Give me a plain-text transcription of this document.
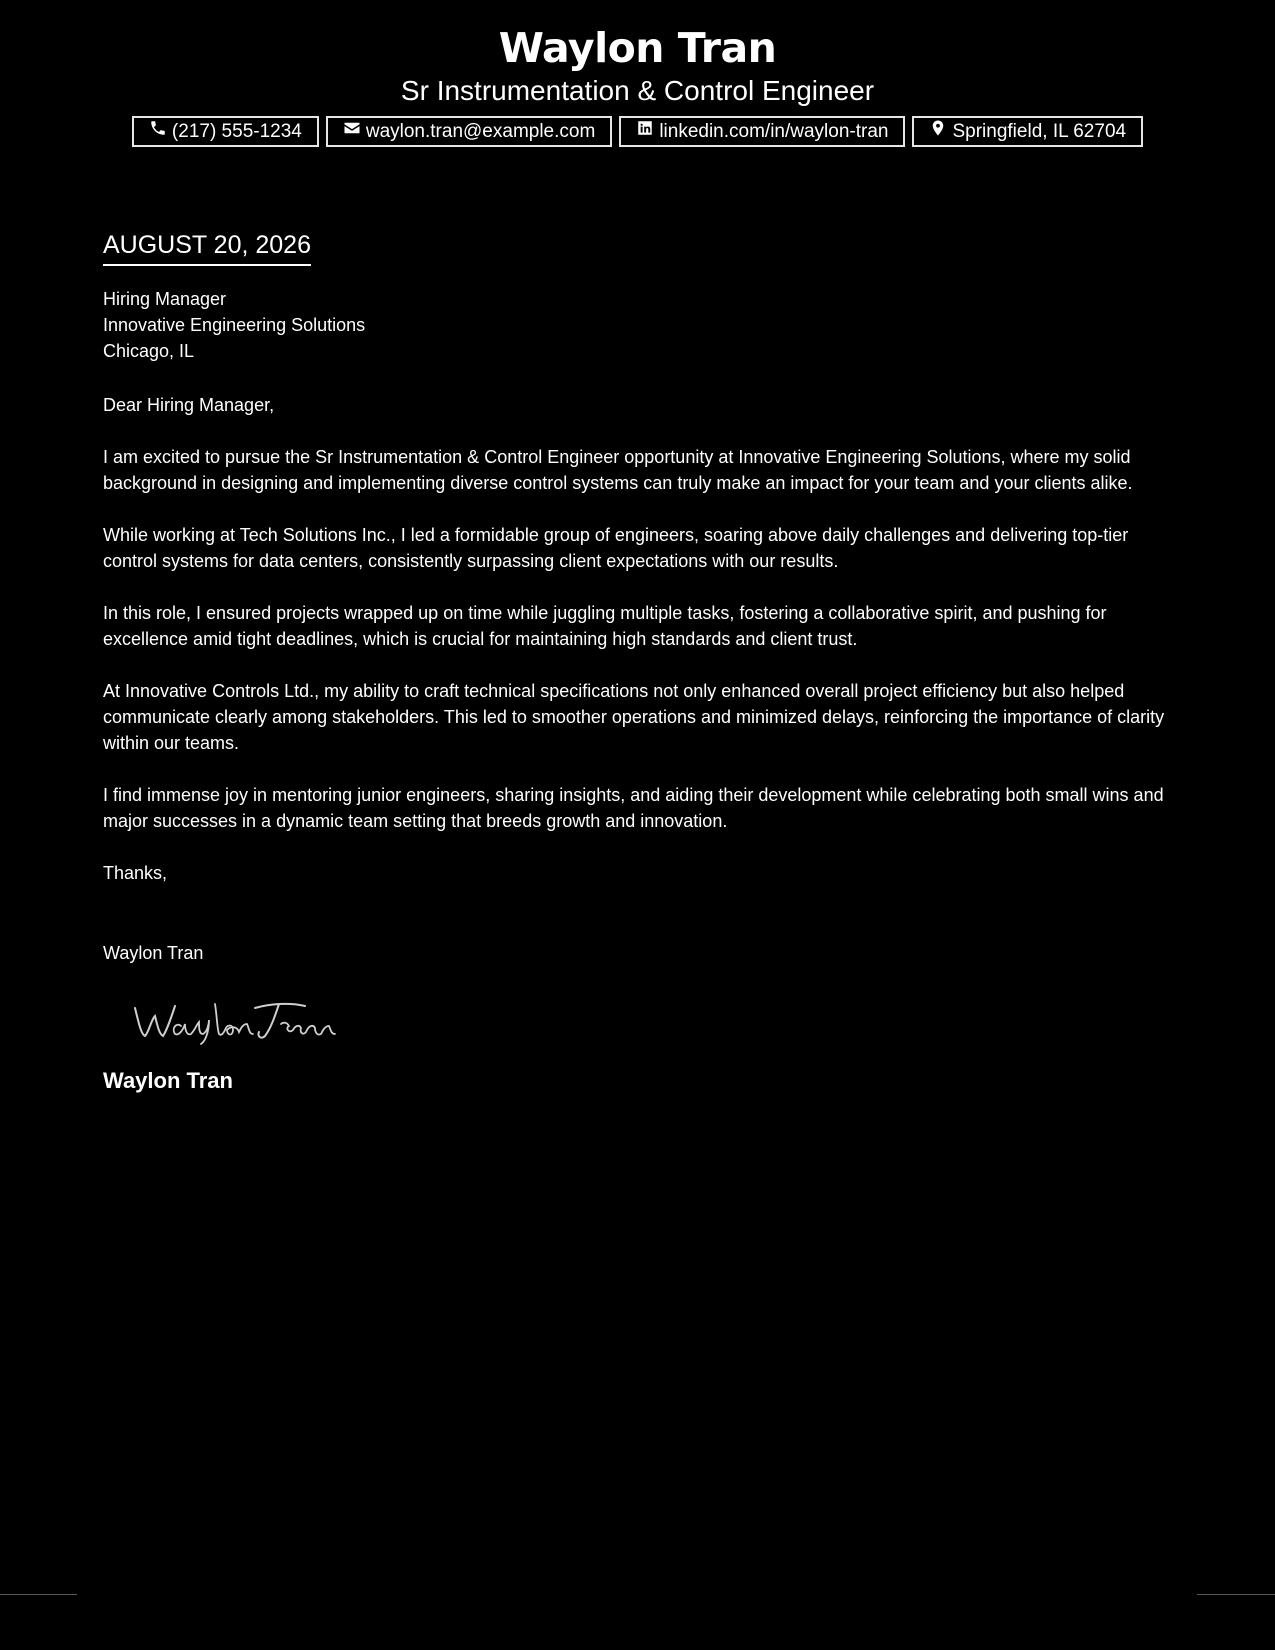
Waylon Tran
Sr Instrumentation & Control Engineer
(217) 555-1234	waylon.tran@example.com	linkedin.com/in/waylon-tran	Springfield, IL 62704
AUGUST 20, 2026
Hiring Manager
Innovative Engineering Solutions
Chicago, IL

Dear Hiring Manager,

I am excited to pursue the Sr Instrumentation & Control Engineer opportunity at Innovative Engineering Solutions, where my solid background in designing and implementing diverse control systems can truly make an impact for your team and your clients alike.

While working at Tech Solutions Inc., I led a formidable group of engineers, soaring above daily challenges and delivering top-tier control systems for data centers, consistently surpassing client expectations with our results.

In this role, I ensured projects wrapped up on time while juggling multiple tasks, fostering a collaborative spirit, and pushing for excellence amid tight deadlines, which is crucial for maintaining high standards and client trust.

At Innovative Controls Ltd., my ability to craft technical specifications not only enhanced overall project efficiency but also helped communicate clearly among stakeholders. This led to smoother operations and minimized delays, reinforcing the importance of clarity within our teams.

I find immense joy in mentoring junior engineers, sharing insights, and aiding their development while celebrating both small wins and major successes in a dynamic team setting that breeds growth and innovation.

Thanks,

Waylon Tran

Waylon Tran
